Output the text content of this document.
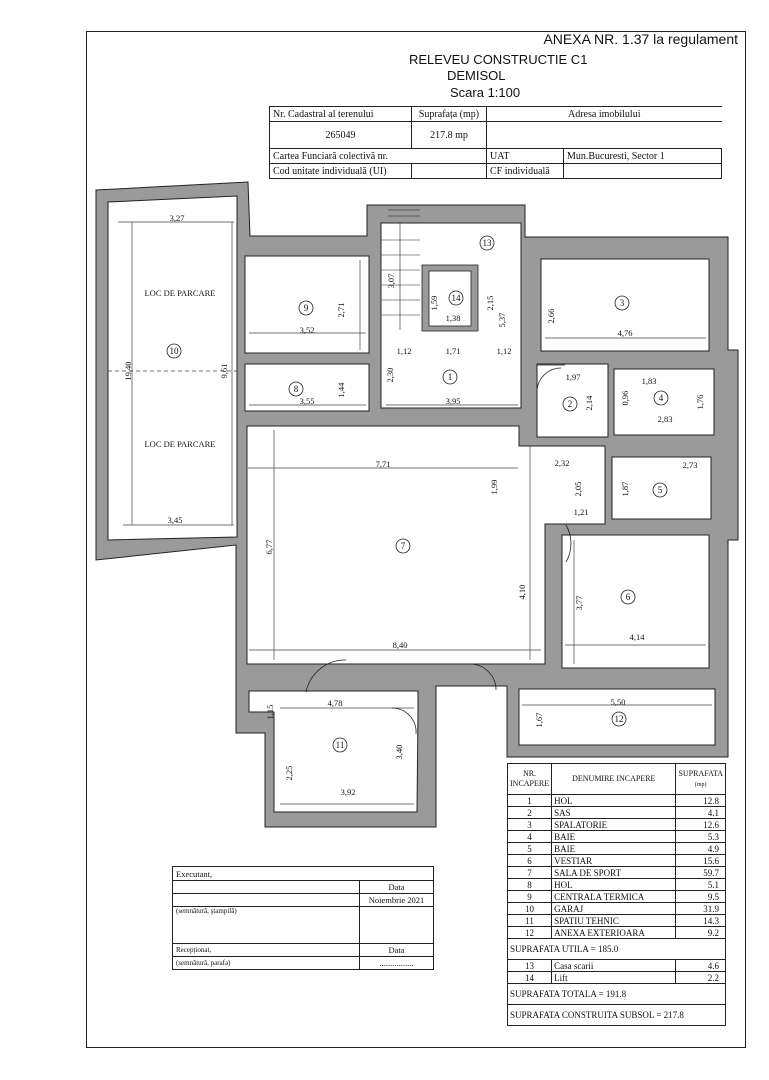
ANEXA NR. 1.37 la regulament
RELEVEU CONSTRUCTIE C1
DEMISOL
Scara 1:100
Nr. Cadastral al terenului	Suprafața (mp)	Adresa imobilului	
265049	217.8 mp		
Cartea Funciară colectivă nr.		UAT	Mun.Bucuresti, Sector 1
Cod unitate individuală (UI)		CF individuală	
LOC DE PARCARE
LOC DE PARCARE
1
2
3
4
5
6
7
8
9
10
11
12
13
14
3,27
2,71
3,52
3,07
1,59
1,38
2,15
5,37	2,66
4,76
19,40	9,61
1,12	1,71	1,12
2,30
1,44
3,55	3,95
1,97
2,14
1,83
0,96	1,76
2,83
3,45
7,71
1,99
2,32
2,05
2,73
1,87
1,21
6,77
4,10
3,77
4,14
8,40
5,50
1,15
4,78
1,67
3,40
2,25
3,92
NR. INCAPERE	DENUMIRE INCAPERE	SUPRAFATA
(mp)
1	HOL	12.8
2	SAS	4.1
3	SPALATORIE	12.6
4	BAIE	5.3
5	BAIE	4.9
6	VESTIAR	15.6
7	SALA DE SPORT	59.7
8	HOL	5.1
9	CENTRALA TERMICA	9.5
10	GARAJ	31.9
11	SPATIU TEHNIC	14.3
12	ANEXA EXTERIOARA	9.2
SUPRAFATA UTILA = 185.0		
13	Casa scarii	4.6
14	Lift	2.2
SUPRAFATA TOTALA = 191.8		
SUPRAFATA CONSTRUITA SUBSOL = 217.8		
Executant,	
	Data
	Noiembrie 2021
(semnătură, ştampilă)	
Recepționat,	Data
(semnătură, parafa)	................
